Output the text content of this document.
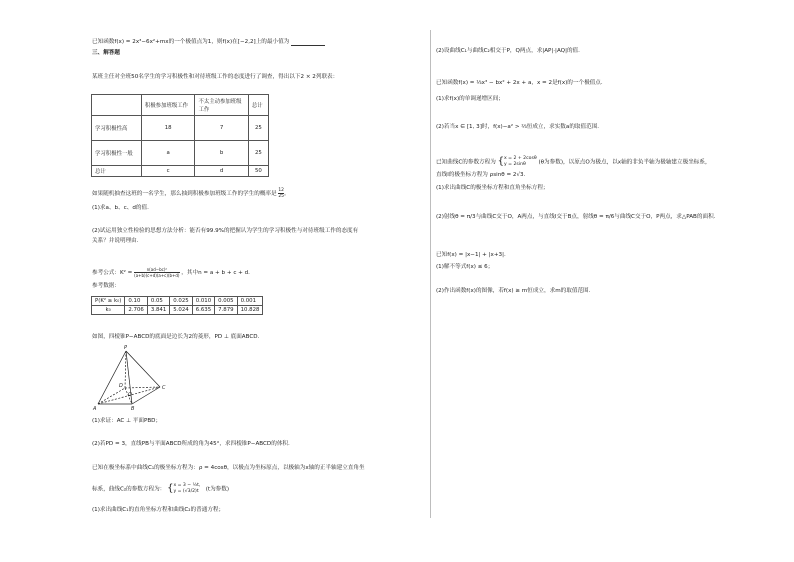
已知函数f(x) = 2x³−6x²+mx的一个极值点为1，则f(x)在[−2,2]上的最小值为
三、解答题
某班主任对全班50名学生的学习积极性和对待班级工作的态度进行了调查，得出以下2 × 2列联表：
	积极参加班级工作	不太主动参加班级工作	总计
学习积极性高	18	7	25
学习积极性一般	a	b	25
总计	c	d	50
如果随机抽查这班的一名学生，那么抽到积极参加班级工作的学生的概率是 $\frac{12}{25}$ 。
(1)求a、b、c、d的值.
(2)试运用独立性检验的思想方法分析：能否有99.9%的把握认为学生的学习积极性与对待班级工作的态度有
关系？并说明理由.
参考公式：$K^2 = \frac{\text{n(ad−bc)²}}{(a+b)(c+d)(a+c)(b+d)}$ ，其中n = a + b + c + d.
参考数据：
P(K² ≥ k₀)	0.10	0.05	0.025	0.010	0.005	0.001
k₀	2.706	3.841	5.024	6.635	7.879	10.828
如图，四棱锥P−ABCD的底面是边长为2的菱形，PD ⊥ 底面ABCD.
P
D	C
A	B
O
(1)求证：AC ⊥ 平面PBD；
(2)若PD = 3，直线PB与平面ABCD所成的角为45°，求四棱锥P−ABCD的体积.
已知在极坐标系中曲线C₁的极坐标方程为：ρ = 4cosθ，以极点为坐标原点，以极轴为x轴的正半轴建立直角坐
标系，曲线C₂的参数方程为： { x = 3 − ½t,
y = (√3/2)t	(t为参数)
(1)求出曲线C₁的直角坐标方程和曲线C₂的普通方程；
(2)设曲线C₁与曲线C₂相交于P，Q两点，求|AP|·|AQ|的值.
已知函数f(x) = ⅓x³ − bx² + 2x + a，x = 2是f(x)的一个极值点.
(1)求f(x)的单调递增区间；
(2)若当x ∈ [1, 3]时，f(x)−a² > ⅔恒成立，求实数a的取值范围.
已知曲线C的参数方程为 { x = 2 + 2cosθ
y = 2sinθ	(θ为参数)，以原点O为极点，以x轴的非负半轴为极轴建立极坐标系，
直线l的极坐标方程为 ρsinθ = 2√3.
(1)求出曲线C的极坐标方程和直角坐标方程；
(2)射线θ = π/3与曲线C交于O，A两点，与直线l交于B点，射线θ = π/6与曲线C交于O，P两点，求△PAB的面积.
已知f(x) = |x−1| + |x+3|.
(1)解不等式f(x) ≤ 6；
(2)作出函数f(x)的图像，若f(x) ≥ m恒成立，求m的取值范围.
